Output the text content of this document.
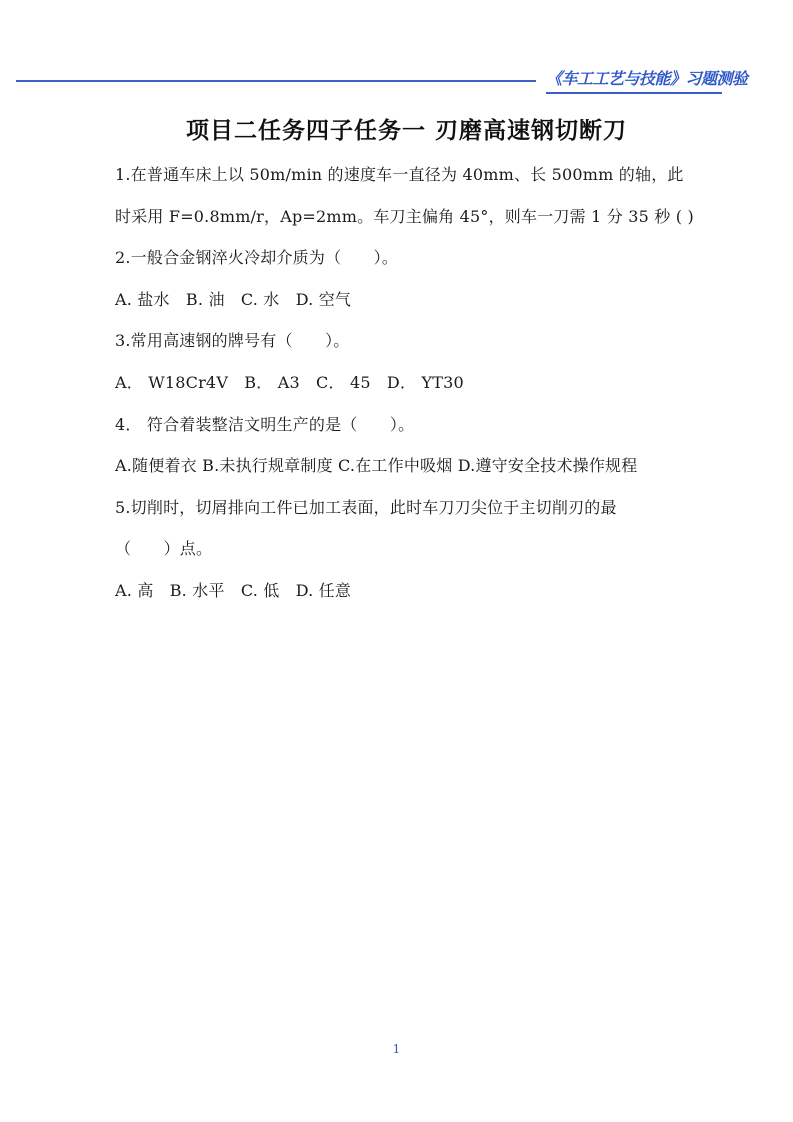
《车工工艺与技能》习题测验
项目二任务四子任务一 刃磨高速钢切断刀
1.在普通车床上以 50m/min 的速度车一直径为 40mm、长 500mm 的轴，此
时采用 F=0.8mm/r，Ap=2mm。车刀主偏角 45°，则车一刀需 1 分 35 秒 ( )
2.一般合金钢淬火冷却介质为（　　）。
A. 盐水　B. 油　C. 水　D. 空气
3.常用高速钢的牌号有（　　）。
A． W18Cr4V　B． A3　C． 45　D． YT30
4． 符合着装整洁文明生产的是（　　）。
A.随便着衣 B.未执行规章制度 C.在工作中吸烟 D.遵守安全技术操作规程
5.切削时，切屑排向工件已加工表面，此时车刀刀尖位于主切削刃的最
（　　）点。
A. 高　B. 水平　C. 低　D. 任意
1
